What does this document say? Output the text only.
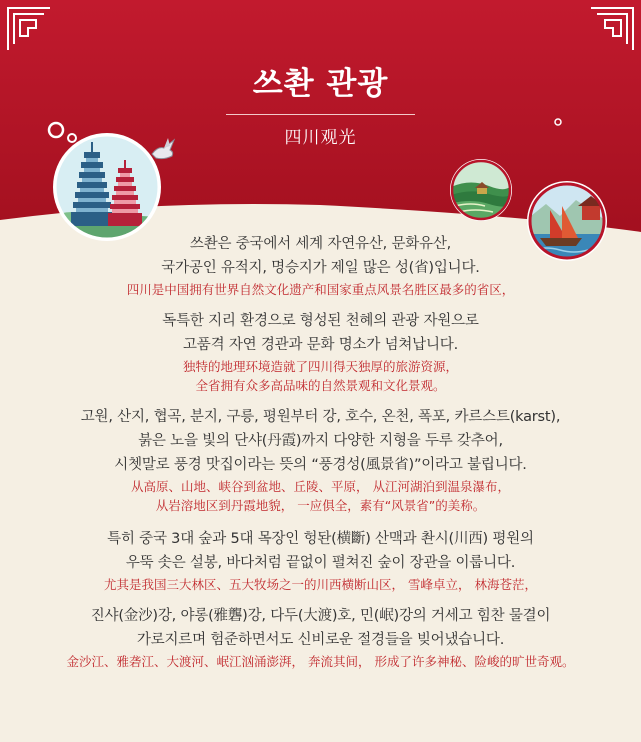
쓰촨 관광
四川观光
쓰촨은 중국에서 세계 자연유산, 문화유산,
국가공인 유적지, 명승지가 제일 많은 성(省)입니다.
四川是中国拥有世界自然文化遗产和国家重点风景名胜区最多的省区，
독특한 지리 환경으로 형성된 천혜의 관광 자원으로
고품격 자연 경관과 문화 명소가 넘쳐납니다.
独特的地理环境造就了四川得天独厚的旅游资源，
全省拥有众多高品味的自然景观和文化景观。
고원, 산지, 협곡, 분지, 구릉, 평원부터 강, 호수, 온천, 폭포, 카르스트(karst),
붉은 노을 빛의 단샤(丹霞)까지 다양한 지형을 두루 갖추어,
시쳇말로 풍경 맛집이라는 뜻의 “풍경성(風景省)”이라고 불립니다.
从高原、山地、峡谷到盆地、丘陵、平原， 从江河湖泊到温泉瀑布，
从岩溶地区到丹霞地貌， 一应俱全，素有“风景省”的美称。
특히 중국 3대 숲과 5대 목장인 헝돤(横斷) 산맥과 촨시(川西) 평원의
우뚝 솟은 설봉, 바다처럼 끝없이 펼쳐진 숲이 장관을 이룹니다.
尤其是我国三大林区、五大牧场之一的川西横断山区， 雪峰卓立， 林海苍茫，
진샤(金沙)강, 야롱(雅礱)강, 다두(大渡)호, 민(岷)강의 거세고 힘찬 물결이
가로지르며 험준하면서도 신비로운 절경들을 빚어냈습니다.
金沙江、雅砻江、大渡河、岷江汹涌澎湃， 奔流其间， 形成了许多神秘、险峻的旷世奇观。
